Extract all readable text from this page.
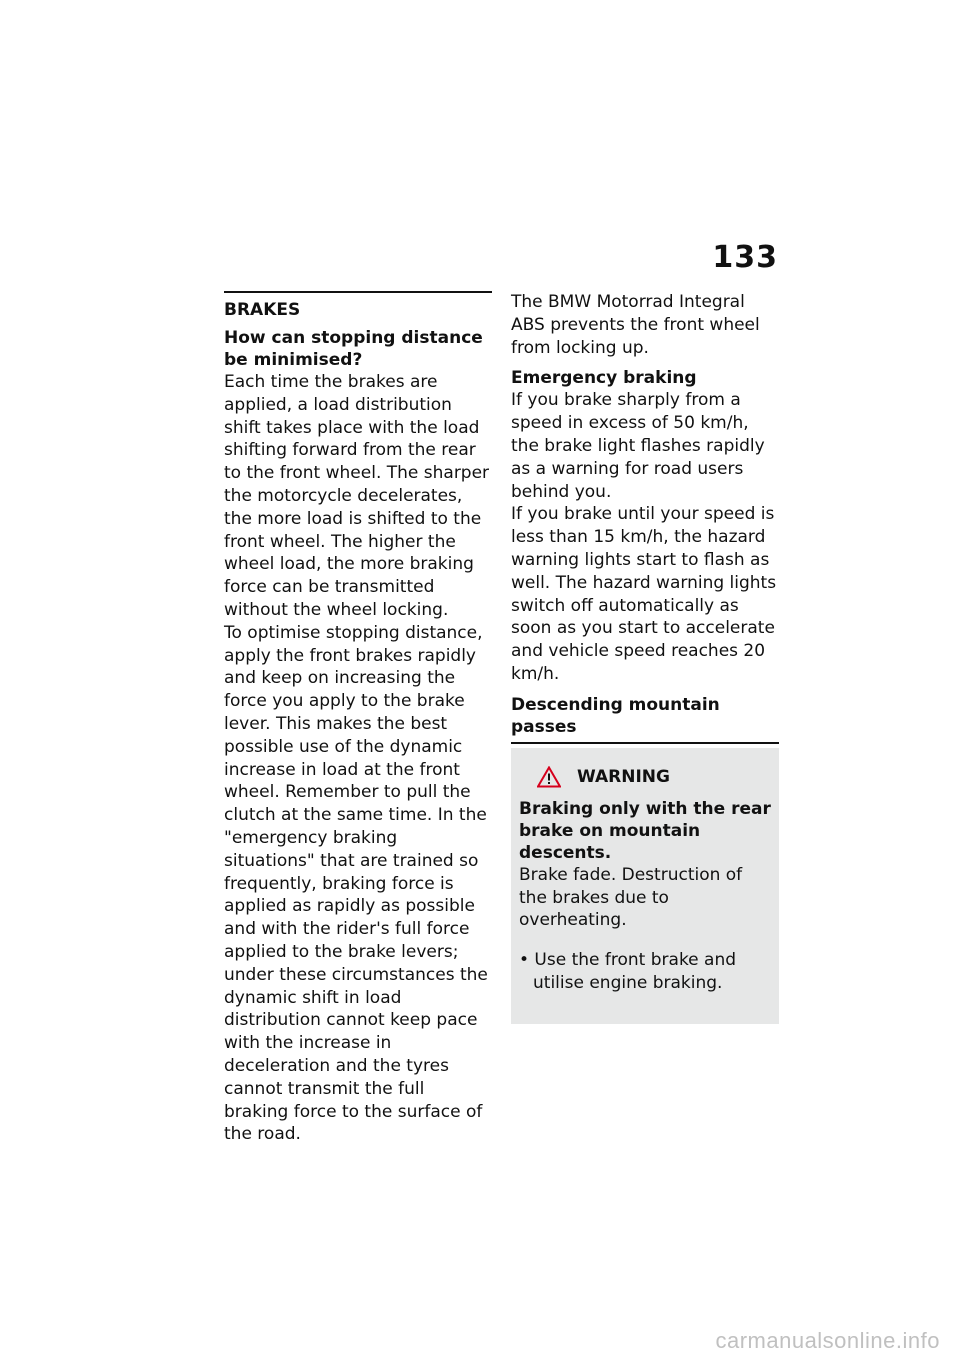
133

BRAKES

How can stopping distance be minimised?

Each time the brakes are applied, a load distribution shift takes place with the load shifting forward from the rear to the front wheel. The sharper the motorcycle decelerates, the more load is shifted to the front wheel. The higher the wheel load, the more braking force can be transmitted without the wheel locking.

To optimise stopping distance, apply the front brakes rapidly and keep on increasing the force you apply to the brake lever. This makes the best possible use of the dynamic increase in load at the front wheel. Remember to pull the clutch at the same time. In the "emergency braking situations" that are trained so frequently, braking force is applied as rapidly as possible and with the rider's full force applied to the brake levers; under these circumstances the dynamic shift in load distribution cannot keep pace with the increase in deceleration and the tyres cannot transmit the full braking force to the surface of the road.

The BMW Motorrad Integral ABS prevents the front wheel from locking up.

Emergency braking

If you brake sharply from a speed in excess of 50 km/h, the brake light flashes rapidly as a warning for road users behind you.

If you brake until your speed is less than 15 km/h, the hazard warning lights start to flash as well. The hazard warning lights switch off automatically as soon as you start to accelerate and vehicle speed reaches 20 km/h.

Descending mountain passes

WARNING

Braking only with the rear brake on mountain descents.

Brake fade. Destruction of the brakes due to overheating.

• Use the front brake and utilise engine braking.

carmanualsonline.info
